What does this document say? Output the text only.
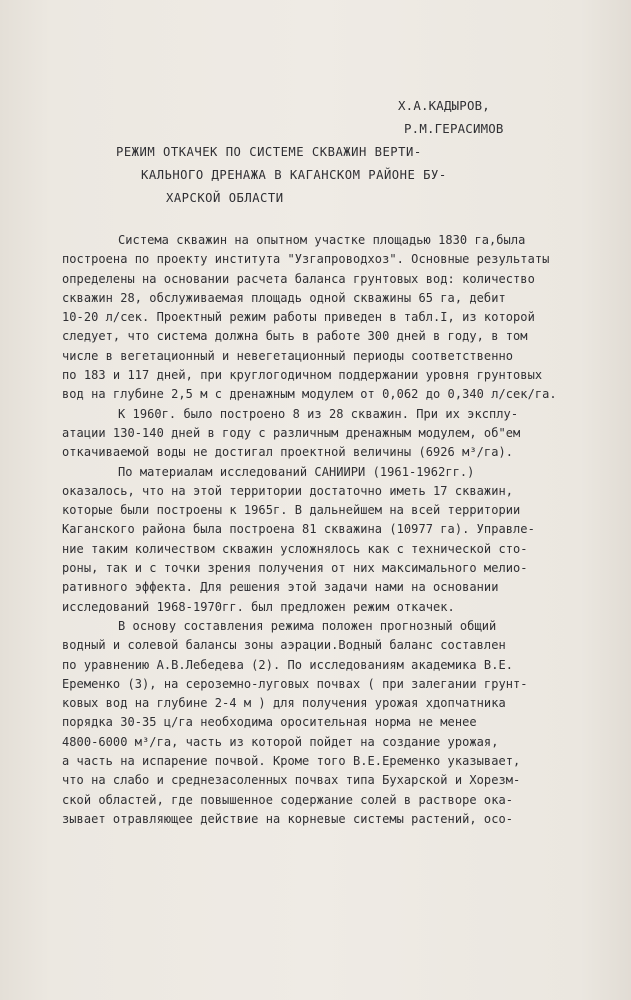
Х.А.КАДЫРОВ,
Р.М.ГЕРАСИМОВ
РЕЖИМ ОТКАЧЕК ПО СИСТЕМЕ СКВАЖИН ВЕРТИ-
КАЛЬНОГО ДРЕНАЖА В КАГАНСКОМ РАЙОНЕ БУ-
ХАРСКОЙ ОБЛАСТИ
Система скважин на опытном участке площадью 1830 га,была
построена по проекту института "Узгапроводхоз". Основные результаты
определены на основании расчета баланса грунтовых вод: количество
скважин 28, обслуживаемая площадь одной скважины 65 га, дебит
10-20 л/сек. Проектный режим работы приведен в табл.I, из которой
следует, что система должна быть в работе 300 дней в году, в том
числе в вегетационный и невегетационный периоды соответственно
по 183 и 117 дней, при круглогодичном поддержании уровня грунтовых
вод на глубине 2,5 м с дренажным модулем от 0,062 до 0,340 л/сек/га.
К 1960г. было построено 8 из 28 скважин. При их эксплу-
атации 130-140 дней в году с различным дренажным модулем, об"ем
откачиваемой воды не достигал проектной величины (6926 м³/га).
По материалам исследований САНИИРИ (1961-1962гг.)
оказалось, что на этой территории достаточно иметь 17 скважин,
которые были построены к 1965г. В дальнейшем на всей территории
Каганского района была построена 81 скважина (10977 га). Управле-
ние таким количеством скважин усложнялось как с технической сто-
роны, так и с точки зрения получения от них максимального мелио-
ративного эффекта. Для решения этой задачи нами на основании
исследований 1968-1970гг. был предложен режим откачек.
В основу составления режима положен прогнозный общий
водный и солевой балансы зоны аэрации.Водный баланс составлен
по уравнению А.В.Лебедева (2). По исследованиям академика В.Е.
Еременко (3), на сероземно-луговых почвах ( при залегании грунт-
ковых вод на глубине 2-4 м ) для получения урожая хдопчатника
порядка 30-35 ц/га необходима оросительная норма не менее
4800-6000 м³/га, часть из которой пойдет на создание урожая,
а часть на испарение почвой. Кроме того В.Е.Еременко указывает,
что на слабо и среднезасоленных почвах типа Бухарской и Хорезм-
ской областей, где повышенное содержание солей в растворе ока-
зывает отравляющее действие на корневые системы растений, осо-
